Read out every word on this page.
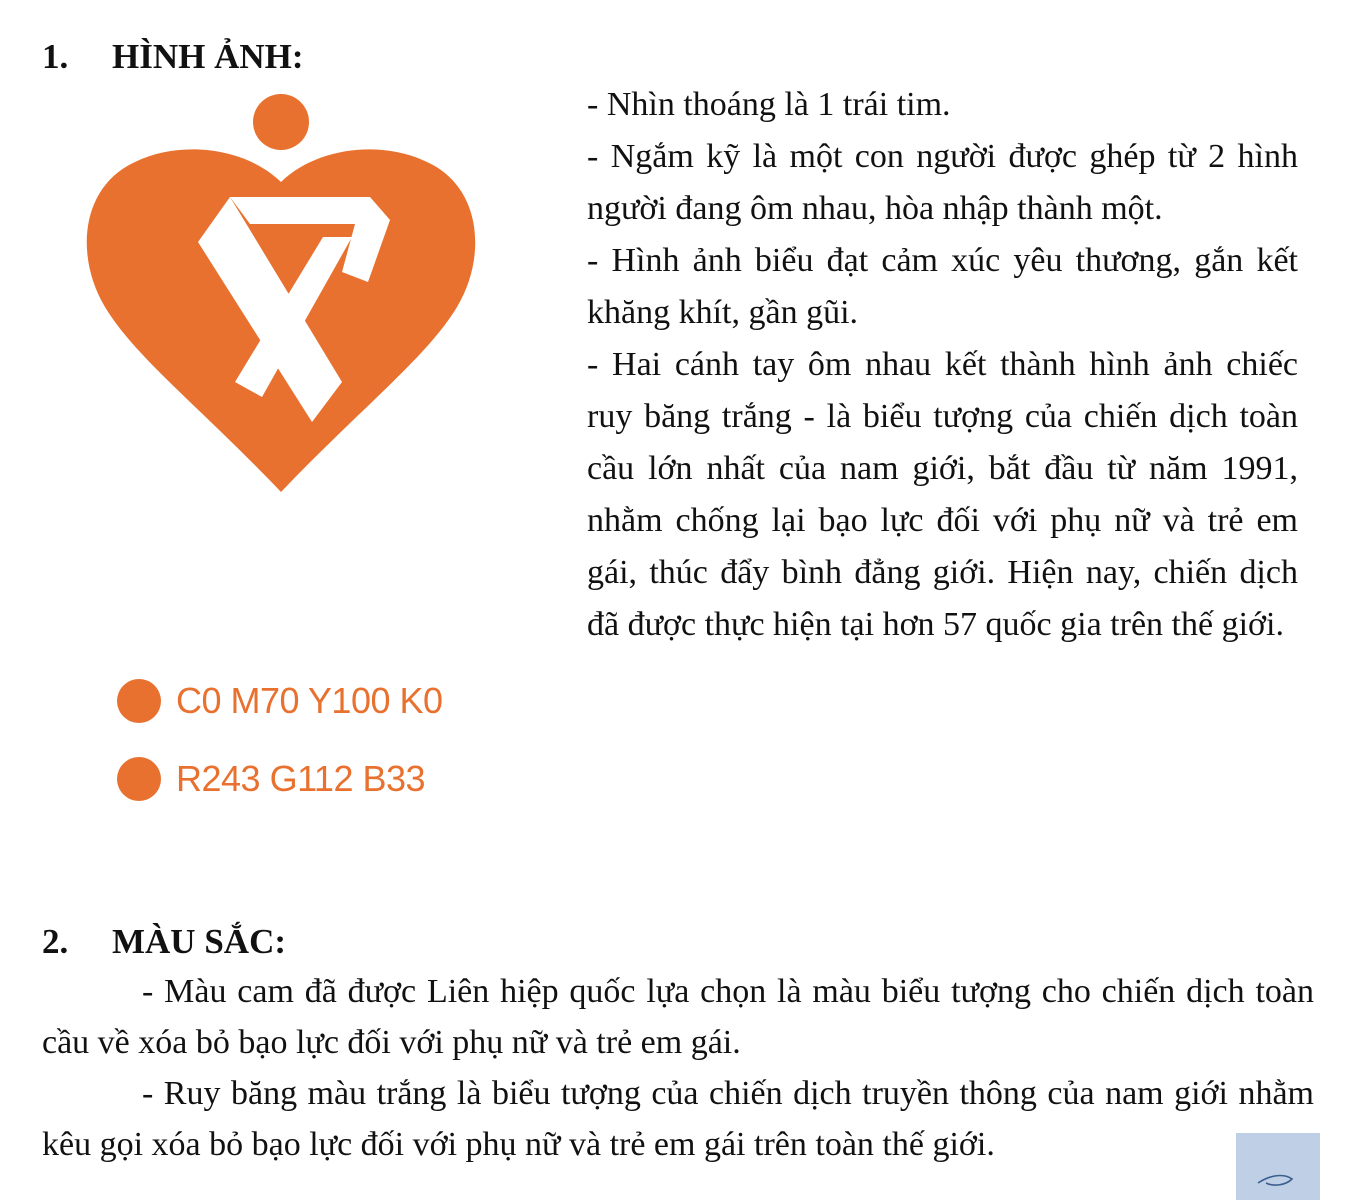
1. HÌNH ẢNH:
C0 M70 Y100 K0
R243 G112 B33

- Nhìn thoáng là 1 trái tim.

- Ngắm kỹ là một con người được ghép từ 2 hình người đang ôm nhau, hòa nhập thành một.

- Hình ảnh biểu đạt cảm xúc yêu thương, gắn kết khăng khít, gần gũi.

- Hai cánh tay ôm nhau kết thành hình ảnh chiếc ruy băng trắng - là biểu tượng của chiến dịch toàn cầu lớn nhất của nam giới, bắt đầu từ năm 1991, nhằm chống lại bạo lực đối với phụ nữ và trẻ em gái, thúc đẩy bình đẳng giới. Hiện nay, chiến dịch đã được thực hiện tại hơn 57 quốc gia trên thế giới.

2. MÀU SẮC:

- Màu cam đã được Liên hiệp quốc lựa chọn là màu biểu tượng cho chiến dịch toàn cầu về xóa bỏ bạo lực đối với phụ nữ và trẻ em gái.

- Ruy băng màu trắng là biểu tượng của chiến dịch truyền thông của nam giới nhằm kêu gọi xóa bỏ bạo lực đối với phụ nữ và trẻ em gái trên toàn thế giới.
